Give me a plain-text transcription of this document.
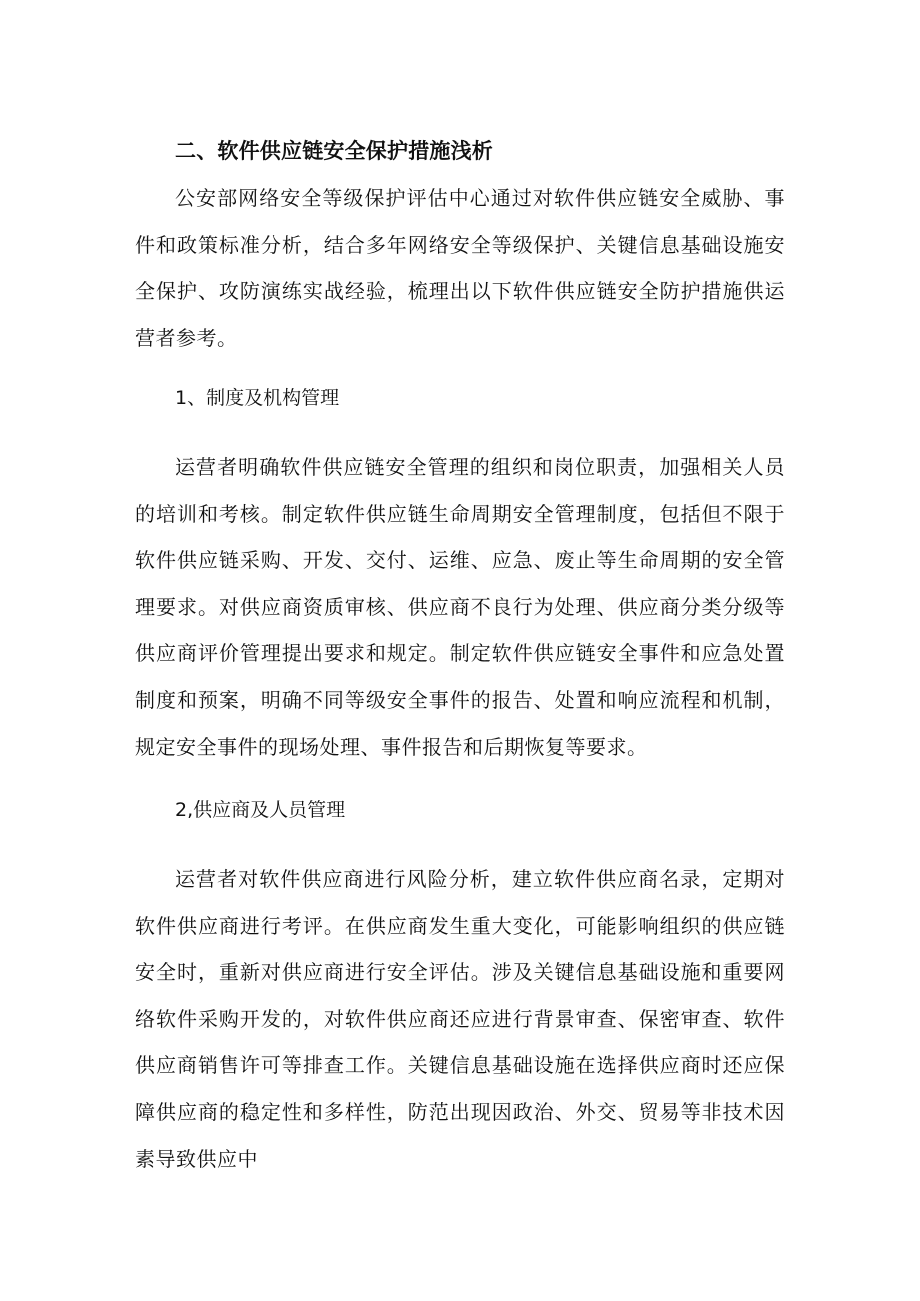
二、软件供应链安全保护措施浅析
公安部网络安全等级保护评估中心通过对软件供应链安全威胁、事件和政策标准分析，结合多年网络安全等级保护、关键信息基础设施安全保护、攻防演练实战经验，梳理出以下软件供应链安全防护措施供运营者参考。
1、制度及机构管理
运营者明确软件供应链安全管理的组织和岗位职责，加强相关人员的培训和考核。制定软件供应链生命周期安全管理制度，包括但不限于软件供应链采购、开发、交付、运维、应急、废止等生命周期的安全管理要求。对供应商资质审核、供应商不良行为处理、供应商分类分级等供应商评价管理提出要求和规定。制定软件供应链安全事件和应急处置制度和预案，明确不同等级安全事件的报告、处置和响应流程和机制，规定安全事件的现场处理、事件报告和后期恢复等要求。
2,供应商及人员管理
运营者对软件供应商进行风险分析，建立软件供应商名录，定期对软件供应商进行考评。在供应商发生重大变化，可能影响组织的供应链安全时，重新对供应商进行安全评估。涉及关键信息基础设施和重要网络软件采购开发的，对软件供应商还应进行背景审查、保密审查、软件供应商销售许可等排查工作。关键信息基础设施在选择供应商时还应保障供应商的稳定性和多样性，防范出现因政治、外交、贸易等非技术因素导致供应中
